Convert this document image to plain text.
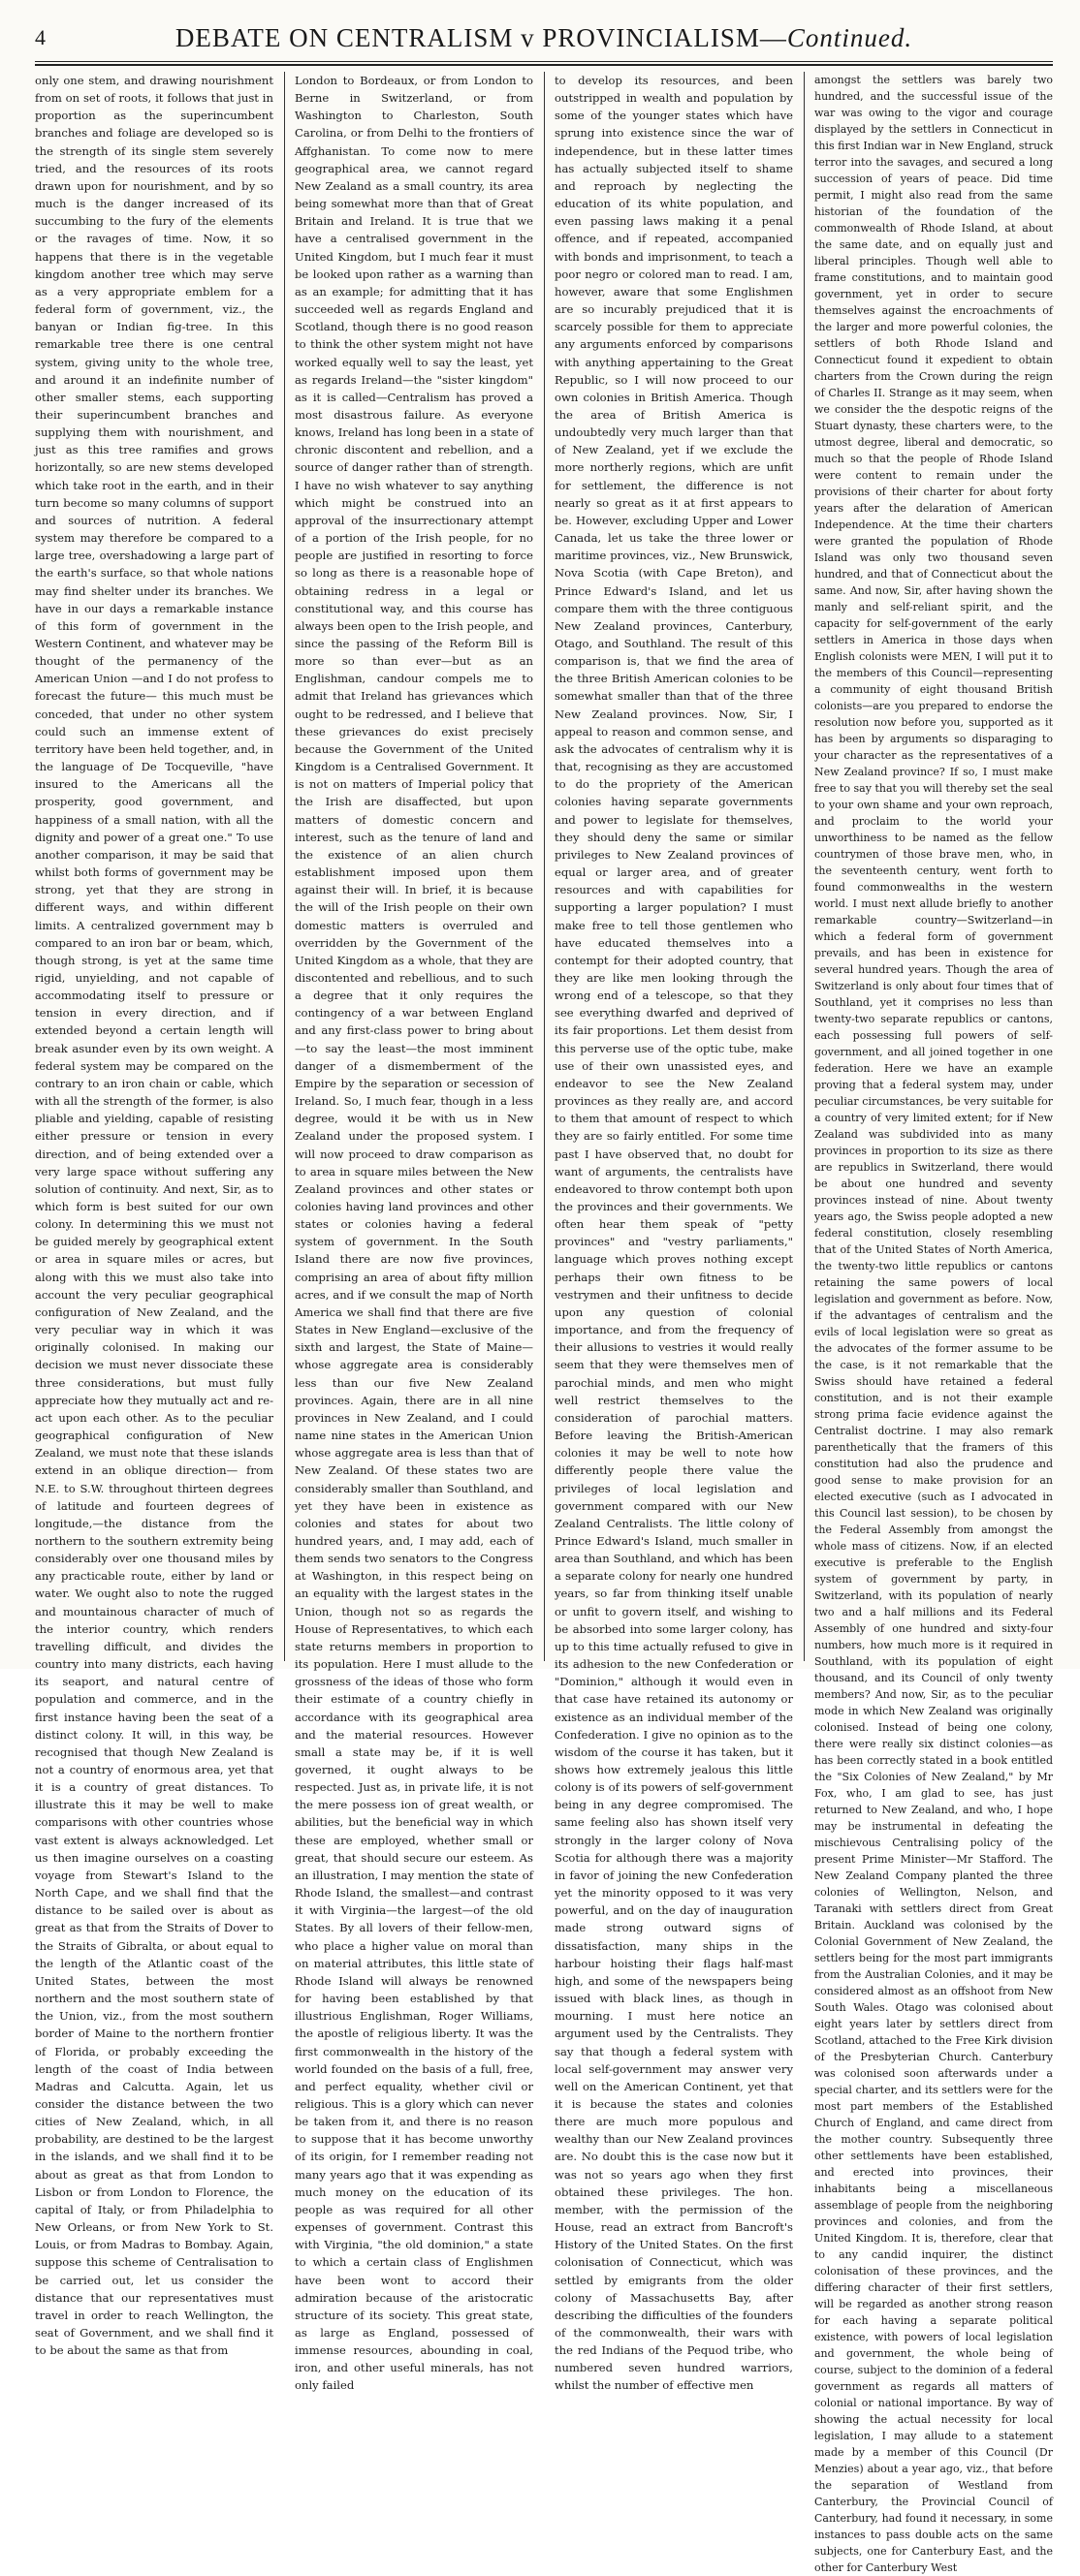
4	DEBATE ON CENTRALISM v PROVINCIALISM—Continued.

only one stem, and drawing nourishment from on set of roots, it follows that just in proportion as the superincumbent branches and foliage are developed so is the strength of its single stem severely tried, and the resources of its roots drawn upon for nourishment, and by so much is the danger increased of its succumbing to the fury of the elements or the ravages of time. Now, it so happens that there is in the vegetable kingdom another tree which may serve as a very appropriate emblem for a federal form of government, viz., the banyan or Indian fig-tree. In this remarkable tree there is one central system, giving unity to the whole tree, and around it an indefinite number of other smaller stems, each supporting their superincumbent branches and supplying them with nourishment, and just as this tree ramifies and grows horizontally, so are new stems developed which take root in the earth, and in their turn become so many columns of support and sources of nutrition. A federal system may therefore be compared to a large tree, overshadowing a large part of the earth's surface, so that whole nations may find shelter under its branches. We have in our days a remarkable instance of this form of government in the Western Continent, and whatever may be thought of the permanency of the American Union —and I do not profess to forecast the future— this much must be conceded, that under no other system could such an immense extent of territory have been held together, and, in the language of De Tocqueville, "have insured to the Americans all the prosperity, good government, and happiness of a small nation, with all the dignity and power of a great one." To use another comparison, it may be said that whilst both forms of government may be strong, yet that they are strong in different ways, and within different limits. A centralized government may b compared to an iron bar or beam, which, though strong, is yet at the same time rigid, unyielding, and not capable of accommodating itself to pressure or tension in every direction, and if extended beyond a certain length will break asunder even by its own weight. A federal system may be compared on the contrary to an iron chain or cable, which with all the strength of the former, is also pliable and yielding, capable of resisting either pressure or tension in every direction, and of being extended over a very large space without suffering any solution of continuity. And next, Sir, as to which form is best suited for our own colony. In determining this we must not be guided merely by geographical extent or area in square miles or acres, but along with this we must also take into account the very peculiar geographical configuration of New Zealand, and the very peculiar way in which it was originally colonised. In making our decision we must never dissociate these three considerations, but must fully appreciate how they mutually act and re-act upon each other. As to the peculiar geographical configuration of New Zealand, we must note that these islands extend in an oblique direction— from N.E. to S.W. throughout thirteen degrees of latitude and fourteen degrees of longitude,—the distance from the northern to the southern extremity being considerably over one thousand miles by any practicable route, either by land or water. We ought also to note the rugged and mountainous character of much of the interior country, which renders travelling difficult, and divides the country into many districts, each having its seaport, and natural centre of population and commerce, and in the first instance having been the seat of a distinct colony. It will, in this way, be recognised that though New Zealand is not a country of enormous area, yet that it is a country of great distances. To illustrate this it may be well to make comparisons with other countries whose vast extent is always acknowledged. Let us then imagine ourselves on a coasting voyage from Stewart's Island to the North Cape, and we shall find that the distance to be sailed over is about as great as that from the Straits of Dover to the Straits of Gibralta, or about equal to the length of the Atlantic coast of the United States, between the most northern and the most southern state of the Union, viz., from the most southern border of Maine to the northern frontier of Florida, or probably exceeding the length of the coast of India between Madras and Calcutta. Again, let us consider the distance between the two cities of New Zealand, which, in all probability, are destined to be the largest in the islands, and we shall find it to be about as great as that from London to Lisbon or from London to Florence, the capital of Italy, or from Philadelphia to New Orleans, or from New York to St. Louis, or from Madras to Bombay. Again, suppose this scheme of Centralisation to be carried out, let us consider the distance that our representatives must travel in order to reach Wellington, the seat of Government, and we shall find it to be about the same as that from

London to Bordeaux, or from London to Berne in Switzerland, or from Washington to Charleston, South Carolina, or from Delhi to the frontiers of Affghanistan. To come now to mere geographical area, we cannot regard New Zealand as a small country, its area being somewhat more than that of Great Britain and Ireland. It is true that we have a centralised government in the United Kingdom, but I much fear it must be looked upon rather as a warning than as an example; for admitting that it has succeeded well as regards England and Scotland, though there is no good reason to think the other system might not have worked equally well to say the least, yet as regards Ireland—the "sister kingdom" as it is called—Centralism has proved a most disastrous failure. As everyone knows, Ireland has long been in a state of chronic discontent and rebellion, and a source of danger rather than of strength. I have no wish whatever to say anything which might be construed into an approval of the insurrectionary attempt of a portion of the Irish people, for no people are justified in resorting to force so long as there is a reasonable hope of obtaining redress in a legal or constitutional way, and this course has always been open to the Irish people, and since the passing of the Reform Bill is more so than ever—but as an Englishman, candour compels me to admit that Ireland has grievances which ought to be redressed, and I believe that these grievances do exist precisely because the Government of the United Kingdom is a Centralised Government. It is not on matters of Imperial policy that the Irish are disaffected, but upon matters of domestic concern and interest, such as the tenure of land and the existence of an alien church establishment imposed upon them against their will. In brief, it is because the will of the Irish people on their own domestic matters is overruled and overridden by the Government of the United Kingdom as a whole, that they are discontented and rebellious, and to such a degree that it only requires the contingency of a war between England and any first-class power to bring about—to say the least—the most imminent danger of a dismemberment of the Empire by the separation or secession of Ireland. So, I much fear, though in a less degree, would it be with us in New Zealand under the proposed system. I will now proceed to draw comparison as to area in square miles between the New Zealand provinces and other states or colonies having land provinces and other states or colonies having a federal system of government. In the South Island there are now five provinces, comprising an area of about fifty million acres, and if we consult the map of North America we shall find that there are five States in New England—exclusive of the sixth and largest, the State of Maine—whose aggregate area is considerably less than our five New Zealand provinces. Again, there are in all nine provinces in New Zealand, and I could name nine states in the American Union whose aggregate area is less than that of New Zealand. Of these states two are considerably smaller than Southland, and yet they have been in existence as colonies and states for about two hundred years, and, I may add, each of them sends two senators to the Congress at Washington, in this respect being on an equality with the largest states in the Union, though not so as regards the House of Representatives, to which each state returns members in proportion to its population. Here I must allude to the grossness of the ideas of those who form their estimate of a country chiefly in accordance with its geographical area and the material resources. However small a state may be, if it is well governed, it ought always to be respected. Just as, in private life, it is not the mere possess ion of great wealth, or abilities, but the beneficial way in which these are employed, whether small or great, that should secure our esteem. As an illustration, I may mention the state of Rhode Island, the smallest—and contrast it with Virginia—the largest—of the old States. By all lovers of their fellow-men, who place a higher value on moral than on material attributes, this little state of Rhode Island will always be renowned for having been established by that illustrious Englishman, Roger Williams, the apostle of religious liberty. It was the first commonwealth in the history of the world founded on the basis of a full, free, and perfect equality, whether civil or religious. This is a glory which can never be taken from it, and there is no reason to suppose that it has become unworthy of its origin, for I remember reading not many years ago that it was expending as much money on the education of its people as was required for all other expenses of government. Contrast this with Virginia, "the old dominion," a state to which a certain class of Englishmen have been wont to accord their admiration because of the aristocratic structure of its society. This great state, as large as England, possessed of immense resources, abounding in coal, iron, and other useful minerals, has not only failed

to develop its resources, and been outstripped in wealth and population by some of the younger states which have sprung into existence since the war of independence, but in these latter times has actually subjected itself to shame and reproach by neglecting the education of its white population, and even passing laws making it a penal offence, and if repeated, accompanied with bonds and imprisonment, to teach a poor negro or colored man to read. I am, however, aware that some Englishmen are so incurably prejudiced that it is scarcely possible for them to appreciate any arguments enforced by comparisons with anything appertaining to the Great Republic, so I will now proceed to our own colonies in British America. Though the area of British America is undoubtedly very much larger than that of New Zealand, yet if we exclude the more northerly regions, which are unfit for settlement, the difference is not nearly so great as it at first appears to be. However, excluding Upper and Lower Canada, let us take the three lower or maritime provinces, viz., New Brunswick, Nova Scotia (with Cape Breton), and Prince Edward's Island, and let us compare them with the three contiguous New Zealand provinces, Canterbury, Otago, and Southland. The result of this comparison is, that we find the area of the three British American colonies to be somewhat smaller than that of the three New Zealand provinces. Now, Sir, I appeal to reason and common sense, and ask the advocates of centralism why it is that, recognising as they are accustomed to do the propriety of the American colonies having separate governments and power to legislate for themselves, they should deny the same or similar privileges to New Zealand provinces of equal or larger area, and of greater resources and with capabilities for supporting a larger population? I must make free to tell those gentlemen who have educated themselves into a contempt for their adopted country, that they are like men looking through the wrong end of a telescope, so that they see everything dwarfed and deprived of its fair proportions. Let them desist from this perverse use of the optic tube, make use of their own unassisted eyes, and endeavor to see the New Zealand provinces as they really are, and accord to them that amount of respect to which they are so fairly entitled. For some time past I have observed that, no doubt for want of arguments, the centralists have endeavored to throw contempt both upon the provinces and their governments. We often hear them speak of "petty provinces" and "vestry parliaments," language which proves nothing except perhaps their own fitness to be vestrymen and their unfitness to decide upon any question of colonial importance, and from the frequency of their allusions to vestries it would really seem that they were themselves men of parochial minds, and men who might well restrict themselves to the consideration of parochial matters. Before leaving the British-American colonies it may be well to note how differently people there value the privileges of local legislation and government compared with our New Zealand Centralists. The little colony of Prince Edward's Island, much smaller in area than Southland, and which has been a separate colony for nearly one hundred years, so far from thinking itself unable or unfit to govern itself, and wishing to be absorbed into some larger colony, has up to this time actually refused to give in its adhesion to the new Confederation or "Dominion," although it would even in that case have retained its autonomy or existence as an individual member of the Confederation. I give no opinion as to the wisdom of the course it has taken, but it shows how extremely jealous this little colony is of its powers of self-government being in any degree compromised. The same feeling also has shown itself very strongly in the larger colony of Nova Scotia for although there was a majority in favor of joining the new Confederation yet the minority opposed to it was very powerful, and on the day of inauguration made strong outward signs of dissatisfaction, many ships in the harbour hoisting their flags half-mast high, and some of the newspapers being issued with black lines, as though in mourning. I must here notice an argument used by the Centralists. They say that though a federal system with local self-government may answer very well on the American Continent, yet that it is because the states and colonies there are much more populous and wealthy than our New Zealand provinces are. No doubt this is the case now but it was not so years ago when they first obtained these privileges. The hon. member, with the permission of the House, read an extract from Bancroft's History of the United States. On the first colonisation of Connecticut, which was settled by emigrants from the older colony of Massachusetts Bay, after describing the difficulties of the founders of the commonwealth, their wars with the red Indians of the Pequod tribe, who numbered seven hundred warriors, whilst the number of effective men

amongst the settlers was barely two hundred, and the successful issue of the war was owing to the vigor and courage displayed by the settlers in Connecticut in this first Indian war in New England, struck terror into the savages, and secured a long succession of years of peace. Did time permit, I might also read from the same historian of the foundation of the commonwealth of Rhode Island, at about the same date, and on equally just and liberal principles. Though well able to frame constitutions, and to maintain good government, yet in order to secure themselves against the encroachments of the larger and more powerful colonies, the settlers of both Rhode Island and Connecticut found it expedient to obtain charters from the Crown during the reign of Charles II. Strange as it may seem, when we consider the the despotic reigns of the Stuart dynasty, these charters were, to the utmost degree, liberal and democratic, so much so that the people of Rhode Island were content to remain under the provisions of their charter for about forty years after the delaration of American Independence. At the time their charters were granted the population of Rhode Island was only two thousand seven hundred, and that of Connecticut about the same. And now, Sir, after having shown the manly and self-reliant spirit, and the capacity for self-government of the early settlers in America in those days when English colonists were MEN, I will put it to the members of this Council—representing a community of eight thousand British colonists—are you prepared to endorse the resolution now before you, supported as it has been by arguments so disparaging to your character as the representatives of a New Zealand province? If so, I must make free to say that you will thereby set the seal to your own shame and your own reproach, and proclaim to the world your unworthiness to be named as the fellow countrymen of those brave men, who, in the seventeenth century, went forth to found commonwealths in the western world. I must next allude briefly to another remarkable country—Switzerland—in which a federal form of government prevails, and has been in existence for several hundred years. Though the area of Switzerland is only about four times that of Southland, yet it comprises no less than twenty-two separate republics or cantons, each possessing full powers of self-government, and all joined together in one federation. Here we have an example proving that a federal system may, under peculiar circumstances, be very suitable for a country of very limited extent; for if New Zealand was subdivided into as many provinces in proportion to its size as there are republics in Switzerland, there would be about one hundred and seventy provinces instead of nine. About twenty years ago, the Swiss people adopted a new federal constitution, closely resembling that of the United States of North America, the twenty-two little republics or cantons retaining the same powers of local legislation and government as before. Now, if the advantages of centralism and the evils of local legislation were so great as the advocates of the former assume to be the case, is it not remarkable that the Swiss should have retained a federal constitution, and is not their example strong prima facie evidence against the Centralist doctrine. I may also remark parenthetically that the framers of this constitution had also the prudence and good sense to make provision for an elected executive (such as I advocated in this Council last session), to be chosen by the Federal Assembly from amongst the whole mass of citizens. Now, if an elected executive is preferable to the English system of government by party, in Switzerland, with its population of nearly two and a half millions and its Federal Assembly of one hundred and sixty-four numbers, how much more is it required in Southland, with its population of eight thousand, and its Council of only twenty members? And now, Sir, as to the peculiar mode in which New Zealand was originally colonised. Instead of being one colony, there were really six distinct colonies—as has been correctly stated in a book entitled the "Six Colonies of New Zealand," by Mr Fox, who, I am glad to see, has just returned to New Zealand, and who, I hope may be instrumental in defeating the mischievous Centralising policy of the present Prime Minister—Mr Stafford. The New Zealand Company planted the three colonies of Wellington, Nelson, and Taranaki with settlers direct from Great Britain. Auckland was colonised by the Colonial Government of New Zealand, the settlers being for the most part immigrants from the Australian Colonies, and it may be considered almost as an offshoot from New South Wales. Otago was colonised about eight years later by settlers direct from Scotland, attached to the Free Kirk division of the Presbyterian Church. Canterbury was colonised soon afterwards under a special charter, and its settlers were for the most part members of the Established Church of England, and came direct from the mother country. Subsequently three other settlements have been established, and erected into provinces, their inhabitants being a miscellaneous assemblage of people from the neighboring provinces and colonies, and from the United Kingdom. It is, therefore, clear that to any candid inquirer, the distinct colonisation of these provinces, and the differing character of their first settlers, will be regarded as another strong reason for each having a separate political existence, with powers of local legislation and government, the whole being of course, subject to the dominion of a federal government as regards all matters of colonial or national importance. By way of showing the actual necessity for local legislation, I may allude to a statement made by a member of this Council (Dr Menzies) about a year ago, viz., that before the separation of Westland from Canterbury, the Provincial Council of Canterbury, had found it necessary, in some instances to pass double acts on the same subjects, one for Canterbury East, and the other for Canterbury West
